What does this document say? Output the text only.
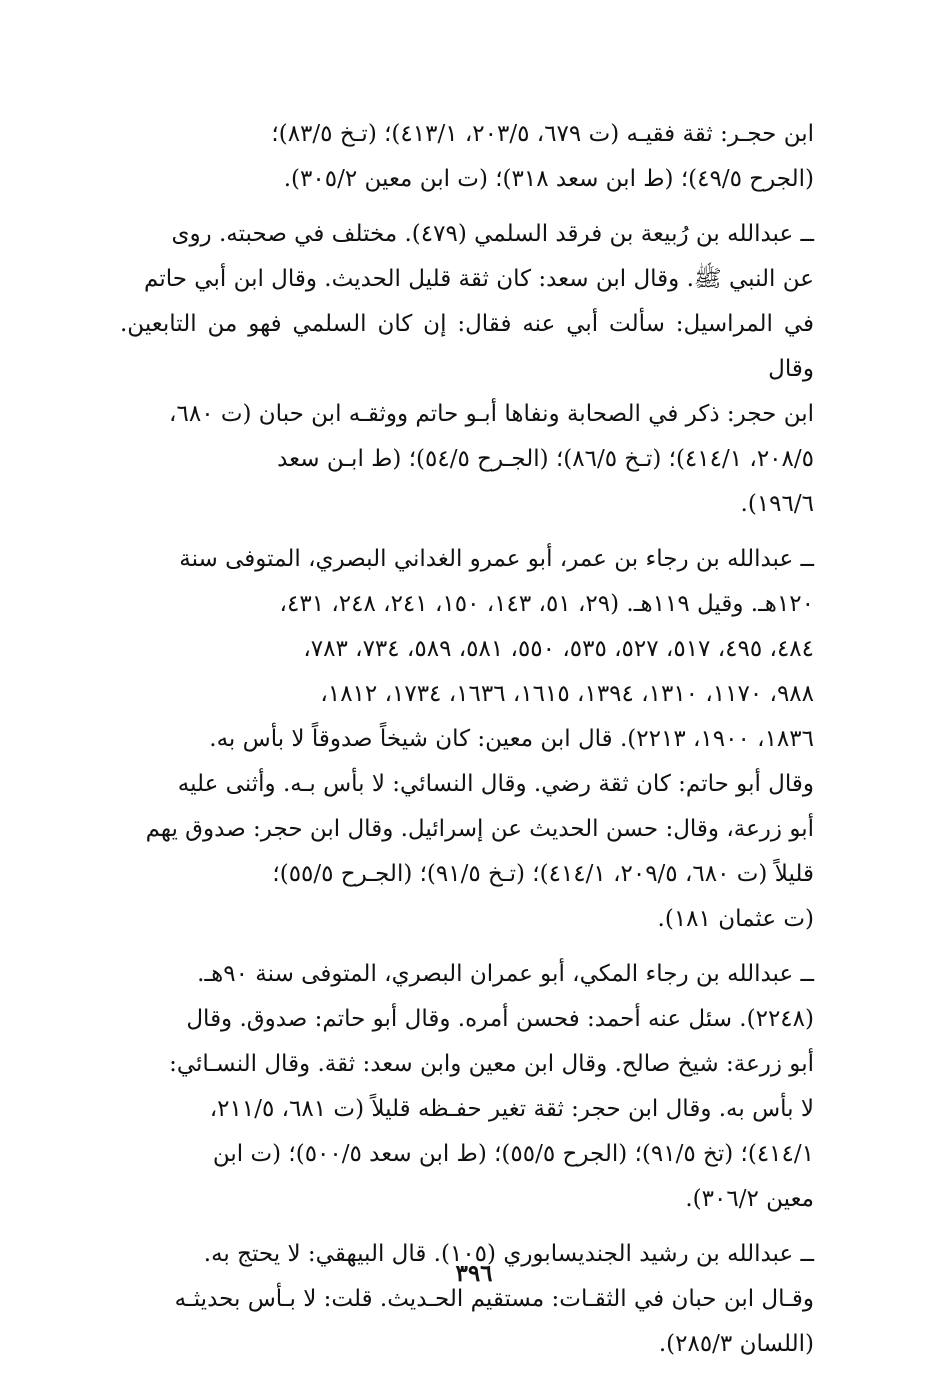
ابن حجـر: ثقة فقيـه (ت ٦٧٩، ٢٠٣/٥، ٤١٣/١)؛ (تـخ ٨٣/٥)؛

(الجرح ٤٩/٥)؛ (ط ابن سعد ٣١٨)؛ (ت ابن معين ٣٠٥/٢).

ــ عبدالله بن رُبيعة بن فرقد السلمي (٤٧٩). مختلف في صحبته. روى

عن النبي ﷺ. وقال ابن سعد: كان ثقة قليل الحديث. وقال ابن أبي حاتم

في المراسيل: سألت أبي عنه فقال: إن كان السلمي فهو من التابعين. وقال

ابن حجر: ذكر في الصحابة ونفاها أبـو حاتم ووثقـه ابن حبان (ت ٦٨٠،

٢٠٨/٥، ٤١٤/١)؛ (تـخ ٨٦/٥)؛ (الجـرح ٥٤/٥)؛ (ط ابـن سعد

١٩٦/٦).

ــ عبدالله بن رجاء بن عمر، أبو عمرو الغداني البصري، المتوفى سنة

١٢٠هـ. وقيل ١١٩هـ. (٢٩، ٥١، ١٤٣، ١٥٠، ٢٤١، ٢٤٨، ٤٣١،

٤٨٤، ٤٩٥، ٥١٧، ٥٢٧، ٥٣٥، ٥٥٠، ٥٨١، ٥٨٩، ٧٣٤، ٧٨٣،

٩٨٨، ١١٧٠، ١٣١٠، ١٣٩٤، ١٦١٥، ١٦٣٦، ١٧٣٤، ١٨١٢،

١٨٣٦، ١٩٠٠، ٢٢١٣). قال ابن معين: كان شيخاً صدوقاً لا بأس به.

وقال أبو حاتم: كان ثقة رضي. وقال النسائي: لا بأس بـه. وأثنى عليه

أبو زرعة، وقال: حسن الحديث عن إسرائيل. وقال ابن حجر: صدوق يهم

قليلاً (ت ٦٨٠، ٢٠٩/٥، ٤١٤/١)؛ (تـخ ٩١/٥)؛ (الجـرح ٥٥/٥)؛

(ت عثمان ١٨١).

ــ عبدالله بن رجاء المكي، أبو عمران البصري، المتوفى سنة ٩٠هـ.

(٢٢٤٨). سئل عنه أحمد: فحسن أمره. وقال أبو حاتم: صدوق. وقال

أبو زرعة: شيخ صالح. وقال ابن معين وابن سعد: ثقة. وقال النسـائي:

لا بأس به. وقال ابن حجر: ثقة تغير حفـظه قليلاً (ت ٦٨١، ٢١١/٥،

٤١٤/١)؛ (تخ ٩١/٥)؛ (الجرح ٥٥/٥)؛ (ط ابن سعد ٥٠٠/٥)؛ (ت ابن

معين ٣٠٦/٢).

ــ عبدالله بن رشيد الجنديسابوري (١٠٥). قال البيهقي: لا يحتج به.

وقـال ابن حبان في الثقـات: مستقيم الحـديث. قلت: لا بـأس بحديثـه

(اللسان ٢٨٥/٣).

٣٩٦
